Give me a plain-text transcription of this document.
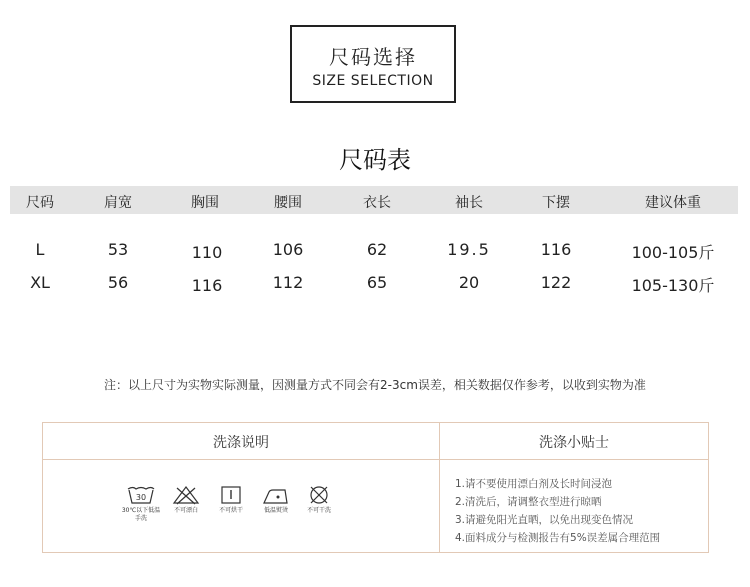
尺码选择
SIZE SELECTION
尺码表
尺码	肩宽	胸围	腰围	衣长	袖长	下摆	建议体重
L	53	110	106	62	19.5	116	100-105斤
XL	56	116	112	65	20	122	105-130斤
注：以上尺寸为实物实际测量，因测量方式不同会有2-3cm误差，相关数据仅作参考，以收到实物为准
洗涤说明	洗涤小贴士
30
30℃以下低温手洗
不可漂白	不可烘干	低温熨烫	不可干洗
1.请不要使用漂白剂及长时间浸泡
2.清洗后，请调整衣型进行晾晒
3.请避免阳光直晒，以免出现变色情况
4.面料成分与检测报告有5%误差属合理范围
